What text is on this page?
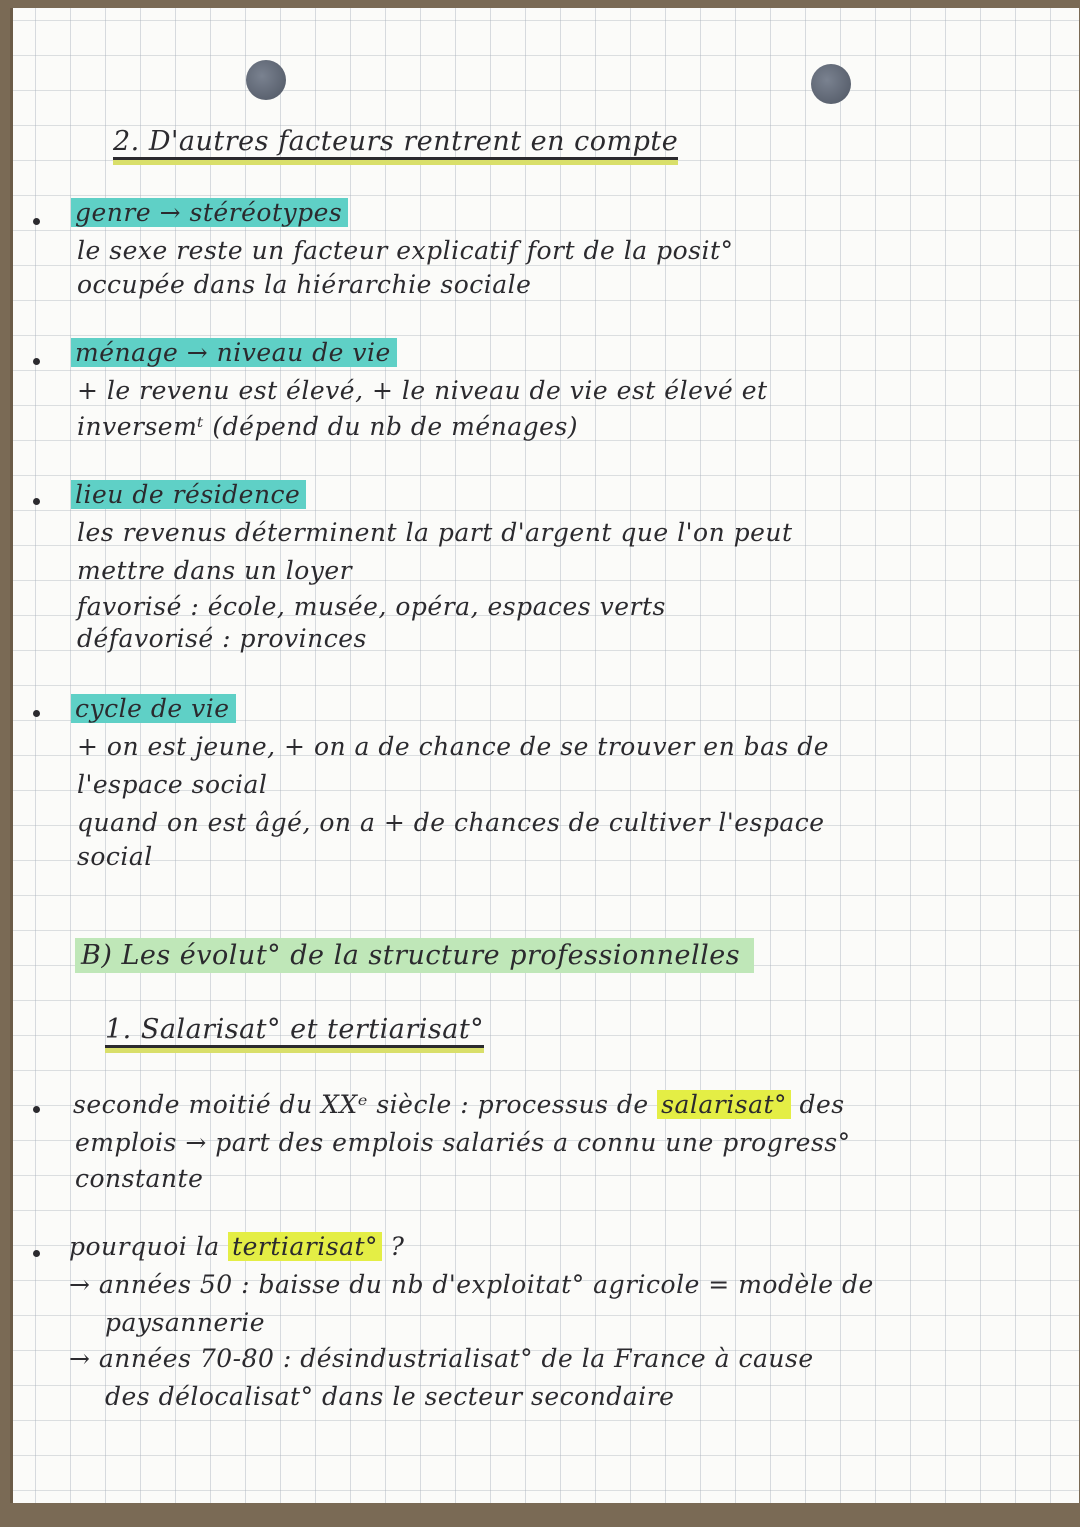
2. D'autres facteurs rentrent en compte
genre → stéréotypes
le sexe reste un facteur explicatif fort de la posit°
occupée dans la hiérarchie sociale
ménage → niveau de vie
+ le revenu est élevé, + le niveau de vie est élevé et
inversemᵗ (dépend du nb de ménages)
lieu de résidence
les revenus déterminent la part d'argent que l'on peut
mettre dans un loyer
favorisé : école, musée, opéra, espaces verts
défavorisé : provinces
cycle de vie
+ on est jeune, + on a de chance de se trouver en bas de
l'espace social
quand on est âgé, on a + de chances de cultiver l'espace
social
B) Les évolut° de la structure professionnelles
1. Salarisat° et tertiarisat°
seconde moitié du XXᵉ siècle : processus de salarisat° des
emplois → part des emplois salariés a connu une progress°
constante
pourquoi la tertiarisat° ?
→ années 50 : baisse du nb d'exploitat° agricole = modèle de
paysannerie
→ années 70-80 : désindustrialisat° de la France à cause
des délocalisat° dans le secteur secondaire
